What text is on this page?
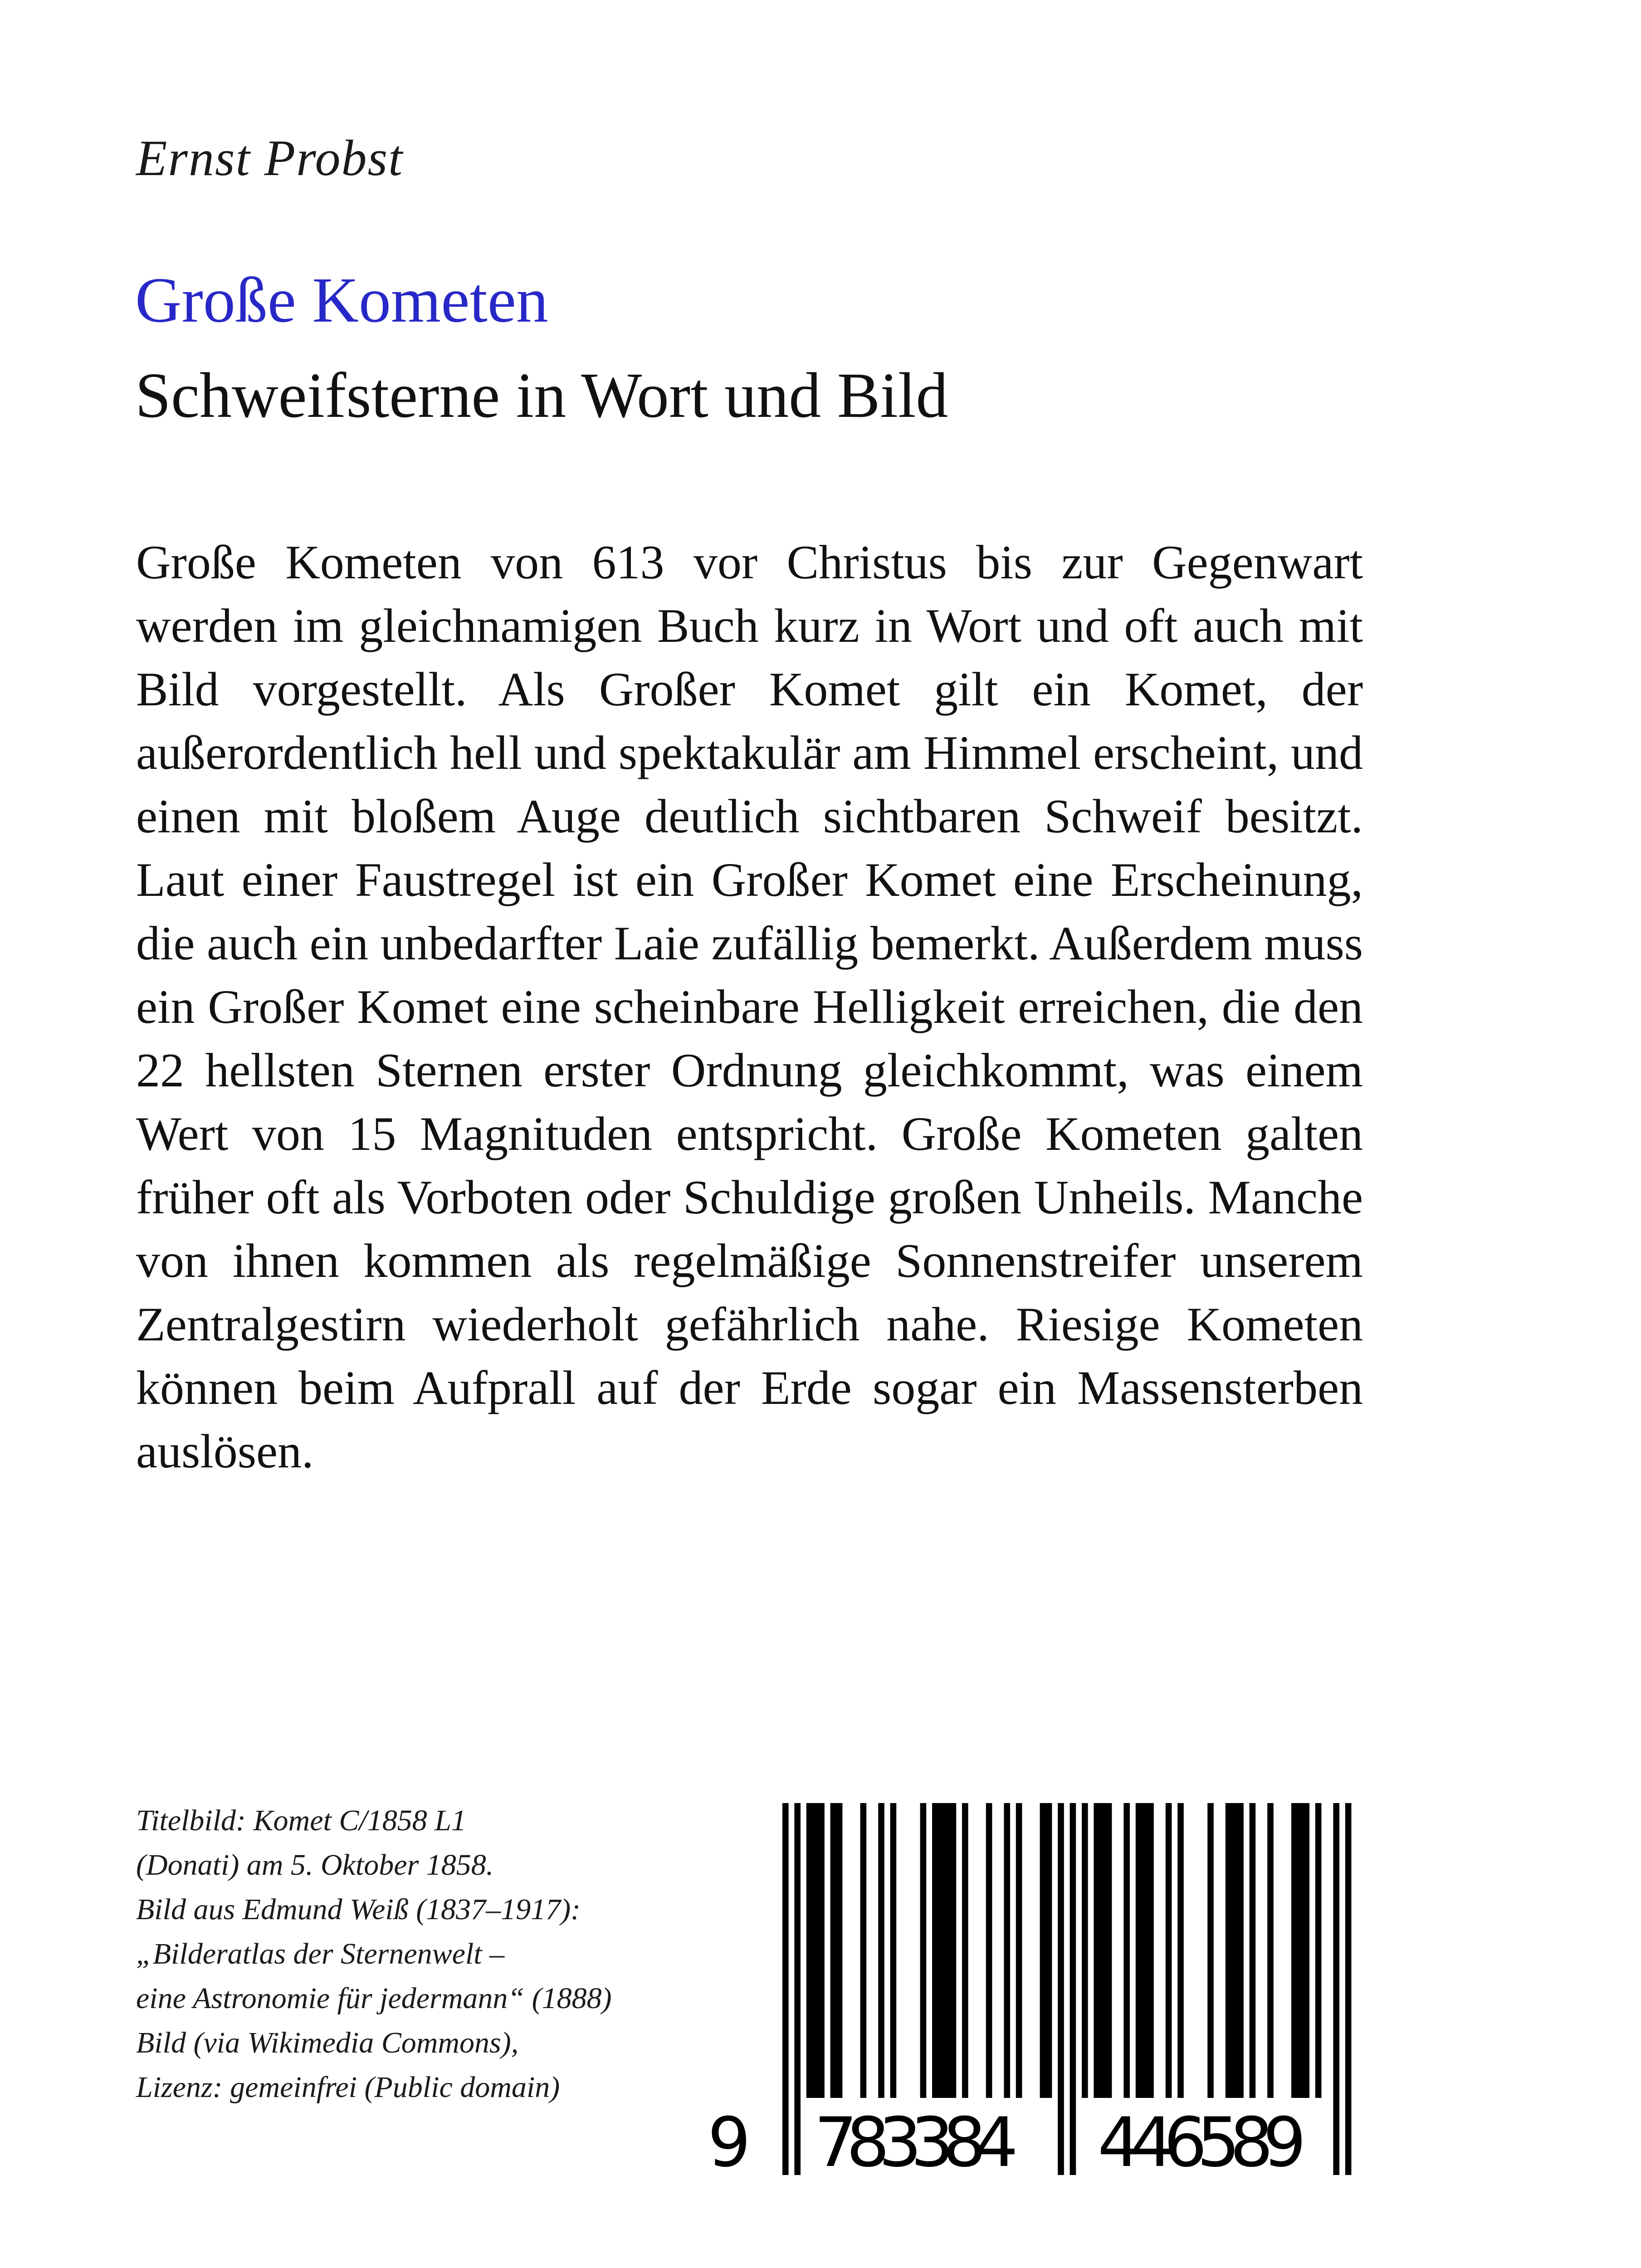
Ernst Probst

Große Kometen
Schweifsterne in Wort und Bild

Große Kometen von 613 vor Christus bis zur Gegenwart werden im gleichnamigen Buch kurz in Wort und oft auch mit Bild vorgestellt. Als Großer Komet gilt ein Komet, der außerordentlich hell und spektakulär am Himmel erscheint, und einen mit bloßem Auge deutlich sichtbaren Schweif besitzt. Laut einer Faustregel ist ein Großer Komet eine Erscheinung, die auch ein unbedarfter Laie zufällig bemerkt. Außerdem muss ein Großer Komet eine scheinbare Helligkeit erreichen, die den 22 hellsten Sternen erster Ordnung gleichkommt, was einem Wert von 15 Magnituden entspricht. Große Kometen galten früher oft als Vorboten oder Schuldige großen Unheils. Manche von ihnen kommen als regelmäßige Sonnenstreifer unserem Zentralgestirn wiederholt gefährlich nahe. Riesige Kometen können beim Aufprall auf der Erde sogar ein Massensterben auslösen.

Titelbild: Komet C/1858 L1
(Donati) am 5. Oktober 1858.
Bild aus Edmund Weiß (1837–1917):
„Bilderatlas der Sternenwelt –
eine Astronomie für jedermann“ (1888)
Bild (via Wikimedia Commons),
Lizenz: gemeinfrei (Public domain)
9 783384 446589
